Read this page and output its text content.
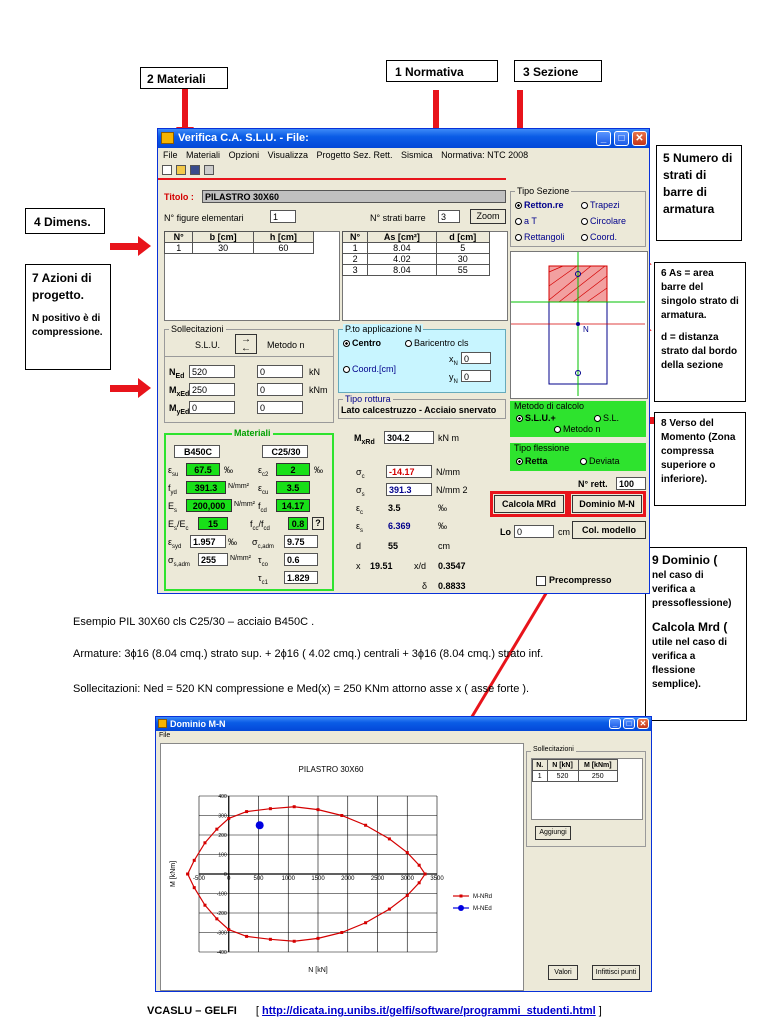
2 Materiali	1 Normativa	3 Sezione
4 Dimens.
5 Numero di strati di barre di armatura
6 As = area barre del singolo strato di armatura.
d = distanza strato dal bordo della sezione
7 Azioni di progetto.
N positivo è di compressione.
8 Verso del Momento (Zona compressa superiore o inferiore).
9 Dominio (
nel caso di verifica a pressoflessione)
Calcola Mrd (
utile nel caso di verifica a flessione semplice).
Verifica C.A. S.L.U. - File:	_	□	✕
File Materiali Opzioni Visualizza Progetto Sez. Rett. Sismica Normativa: NTC 2008
Titolo :	PILASTRO 30X60
N° figure elementari	1	N° strati barre	3	Zoom
N°	b [cm]	h [cm]
1	30	60
N°	As [cm²]	d [cm]
1	8.04	5
2	4.02	30
3	8.04	55
Tipo Sezione
Retton.re	Trapezi
a T	Circolare
Rettangoli	Coord.
N
Sollecitazioni
S.L.U.	→
←	Metodo n
$N_{Ed}$ 520	0	kN
$M_{xEd}$ 250	0	kNm
$M_{yEd}$ 0	0
P.to applicazione N
Centro	Baricentro cls
Coord.[cm]
$x_N$ 0
$y_N$ 0
Tipo rottura
Lato calcestruzzo - Acciaio snervato Metodo di calcolo
S.L.U.+	S.L.
Metodo n
Tipo flessione
Retta	Deviata
Materiali
B450C	C25/30
$\varepsilon_{su}$	67.5	‰
$f_{yd}$	391.3	N/mm²
$E_s$	200,000	N/mm²
$E_s/E_c$	15
$\varepsilon_{syd}$	1.957	‰
$\sigma_{s,adm}$	255	N/mm²
$\varepsilon_{c2}$	2	‰
$\varepsilon_{cu}$	3.5
$f_{cd}$	14.17
$f_{cc}/f_{cd}$	0.8	?
$\sigma_{c,adm}$	9.75
$\tau_{co}$	0.6
$\tau_{c1}$	1.829
$M_{xRd}$	304.2	kN m
$\sigma_c$	-14.17	N/mm
$\sigma_s$	391.3	N/mm 2
$\varepsilon_c$	3.5	‰
$\varepsilon_s$	6.369	‰
d	55	cm
x 19.51 x/d 0.3547
δ 0.8833
N° rett.	100
Calcola MRd	Dominio M-N
Lo 0	cm	Col. modello
Precompresso
Esempio PIL 30X60 cls C25/30 – acciaio B450C .
Armature: 3ϕ16 (8.04 cmq.) strato sup. + 2ϕ16 ( 4.02 cmq.) centrali + 3ϕ16 (8.04 cmq.) strato inf.
Sollecitazioni: Ned = 520 KN compressione e Med(x) = 250 KNm attorno asse x ( asse forte ).
Dominio M-N	_	□	✕
File
PILASTRO 30X60
-500	0	500	1000	1500	2000	2500	3000	3500
400
300
200
100
0
-100
-200
-300
-400
N [kN]
M [kNm]
M-NRd
M-NEd
Sollecitazioni
N.	N [kN]	M [kNm]
1	520	250
Aggiungi
Valori	Infittisci punti
VCASLU – GELFI [ http://dicata.ing.unibs.it/gelfi/software/programmi_studenti.html ]
